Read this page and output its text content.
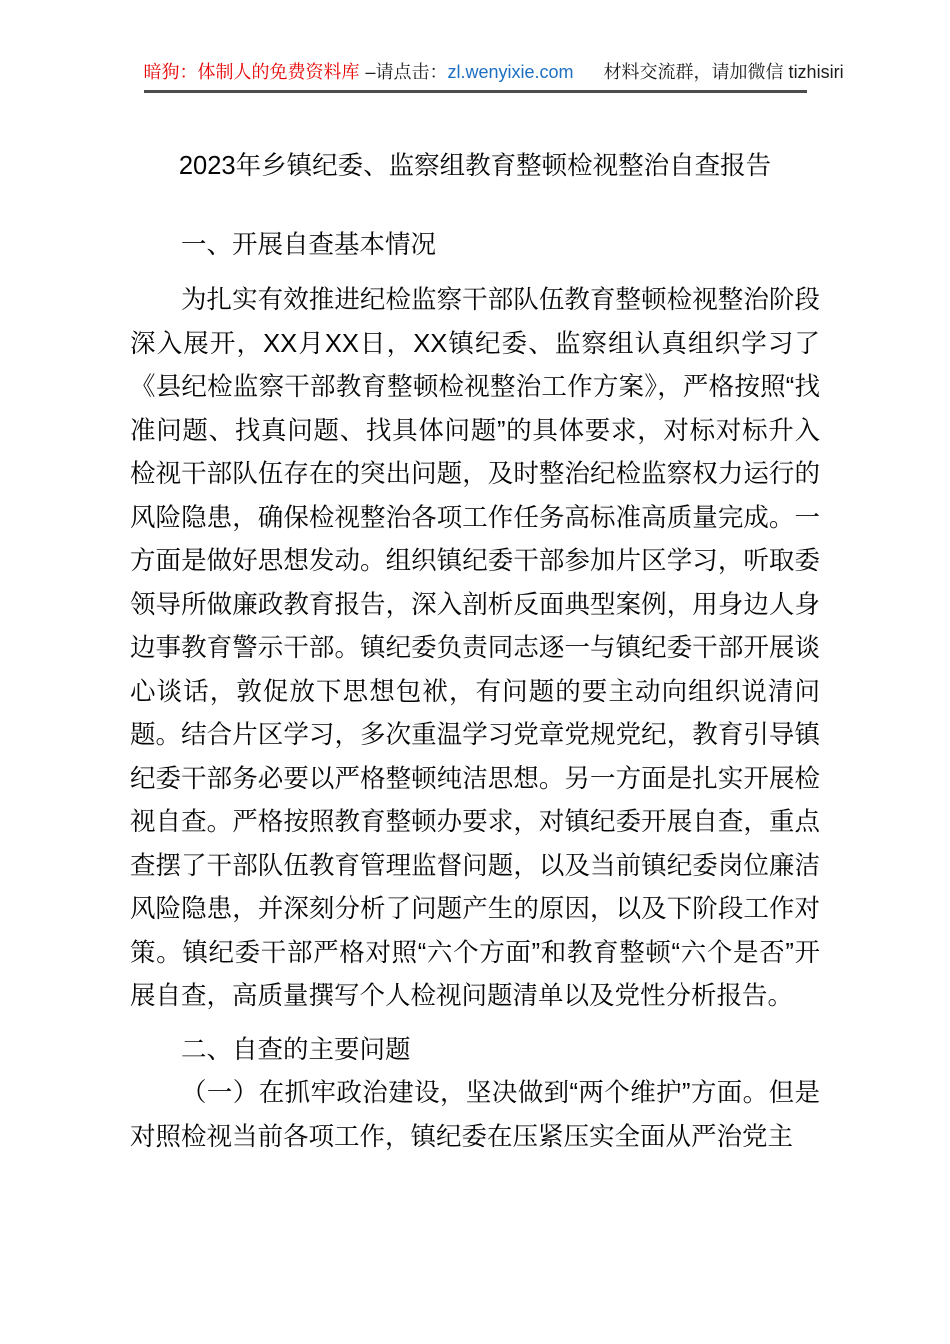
暗狗：体制人的免费资料库 –请点击：zl.wenyixie.com 材料交流群，请加微信 tizhisiri
2023年乡镇纪委、监察组教育整顿检视整治自查报告
一、开展自查基本情况

为扎实有效推进纪检监察干部队伍教育整顿检视整治阶段深入展开，XX月XX日，XX镇纪委、监察组认真组织学习了《县纪检监察干部教育整顿检视整治工作方案》，严格按照“找准问题、找真问题、找具体问题”的具体要求，对标对标升入检视干部队伍存在的突出问题，及时整治纪检监察权力运行的风险隐患，确保检视整治各项工作任务高标准高质量完成。一方面是做好思想发动。组织镇纪委干部参加片区学习，听取委领导所做廉政教育报告，深入剖析反面典型案例，用身边人身边事教育警示干部。镇纪委负责同志逐一与镇纪委干部开展谈心谈话，敦促放下思想包袱，有问题的要主动向组织说清问题。结合片区学习，多次重温学习党章党规党纪，教育引导镇纪委干部务必要以严格整顿纯洁思想。另一方面是扎实开展检视自查。严格按照教育整顿办要求，对镇纪委开展自查，重点查摆了干部队伍教育管理监督问题，以及当前镇纪委岗位廉洁风险隐患，并深刻分析了问题产生的原因，以及下阶段工作对策。镇纪委干部严格对照“六个方面”和教育整顿“六个是否”开展自查，高质量撰写个人检视问题清单以及党性分析报告。

二、自查的主要问题

（一）在抓牢政治建设，坚决做到“两个维护”方面。但是对照检视当前各项工作，镇纪委在压紧压实全面从严治党主
